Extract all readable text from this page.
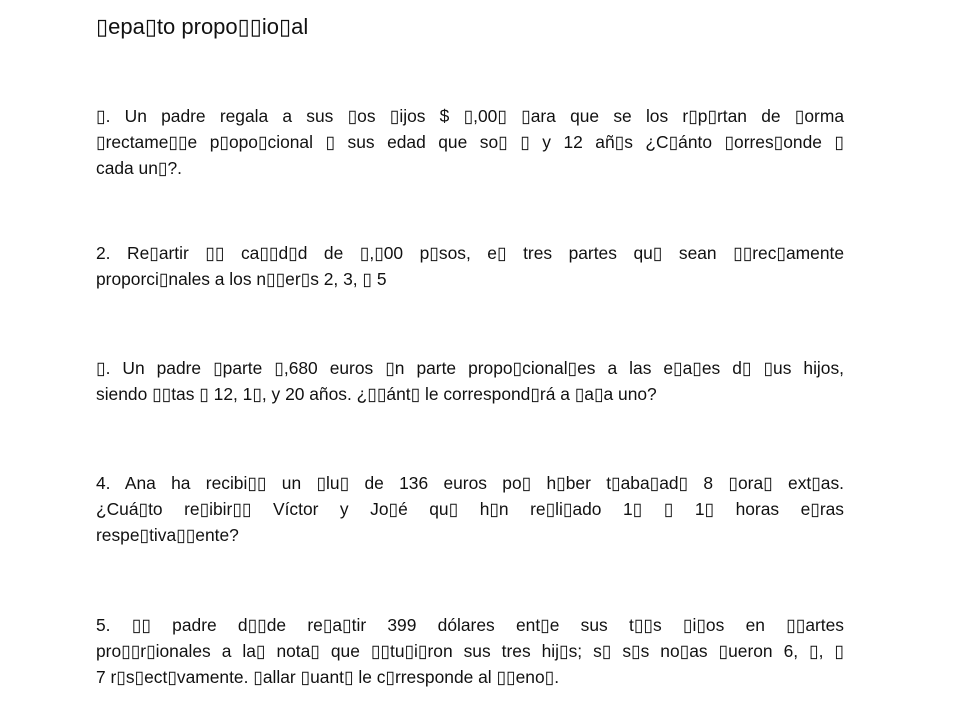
▯epa▯to propo▯▯io▯al
▯. Un padre regala a sus ▯os ▯ijos $ ▯,00▯ ▯ara que se los r▯p▯rtan de ▯orma
▯rectame▯▯e p▯opo▯cional ▯ sus edad que so▯ ▯ y 12 añ▯s ¿C▯ánto ▯orres▯onde ▯
cada un▯?.
2. Re▯artir ▯▯ ca▯▯d▯d de ▯,▯00 p▯sos, e▯ tres partes qu▯ sean ▯▯rec▯amente
proporci▯nales a los n▯▯er▯s 2, 3, ▯ 5
▯. Un padre ▯parte ▯,680 euros ▯n parte propo▯cional▯es a las e▯a▯es d▯ ▯us hijos,
siendo ▯▯tas ▯ 12, 1▯, y 20 años. ¿▯▯ánt▯ le correspond▯rá a ▯a▯a uno?
4. Ana ha recibi▯▯ un ▯lu▯ de 136 euros po▯ h▯ber t▯aba▯ad▯ 8 ▯ora▯ ext▯as.
¿Cuá▯to re▯ibir▯▯ Víctor y Jo▯é qu▯ h▯n re▯li▯ado 1▯ ▯ 1▯ horas e▯ras
respe▯tiva▯▯ente?
5. ▯▯ padre d▯▯de re▯a▯tir 399 dólares ent▯e sus t▯▯s ▯i▯os en ▯▯artes
pro▯▯r▯ionales a la▯ nota▯ que ▯▯tu▯i▯ron sus tres hij▯s; s▯ s▯s no▯as ▯ueron 6, ▯, ▯
7 r▯s▯ect▯vamente. ▯allar ▯uant▯ le c▯rresponde al ▯▯eno▯.
